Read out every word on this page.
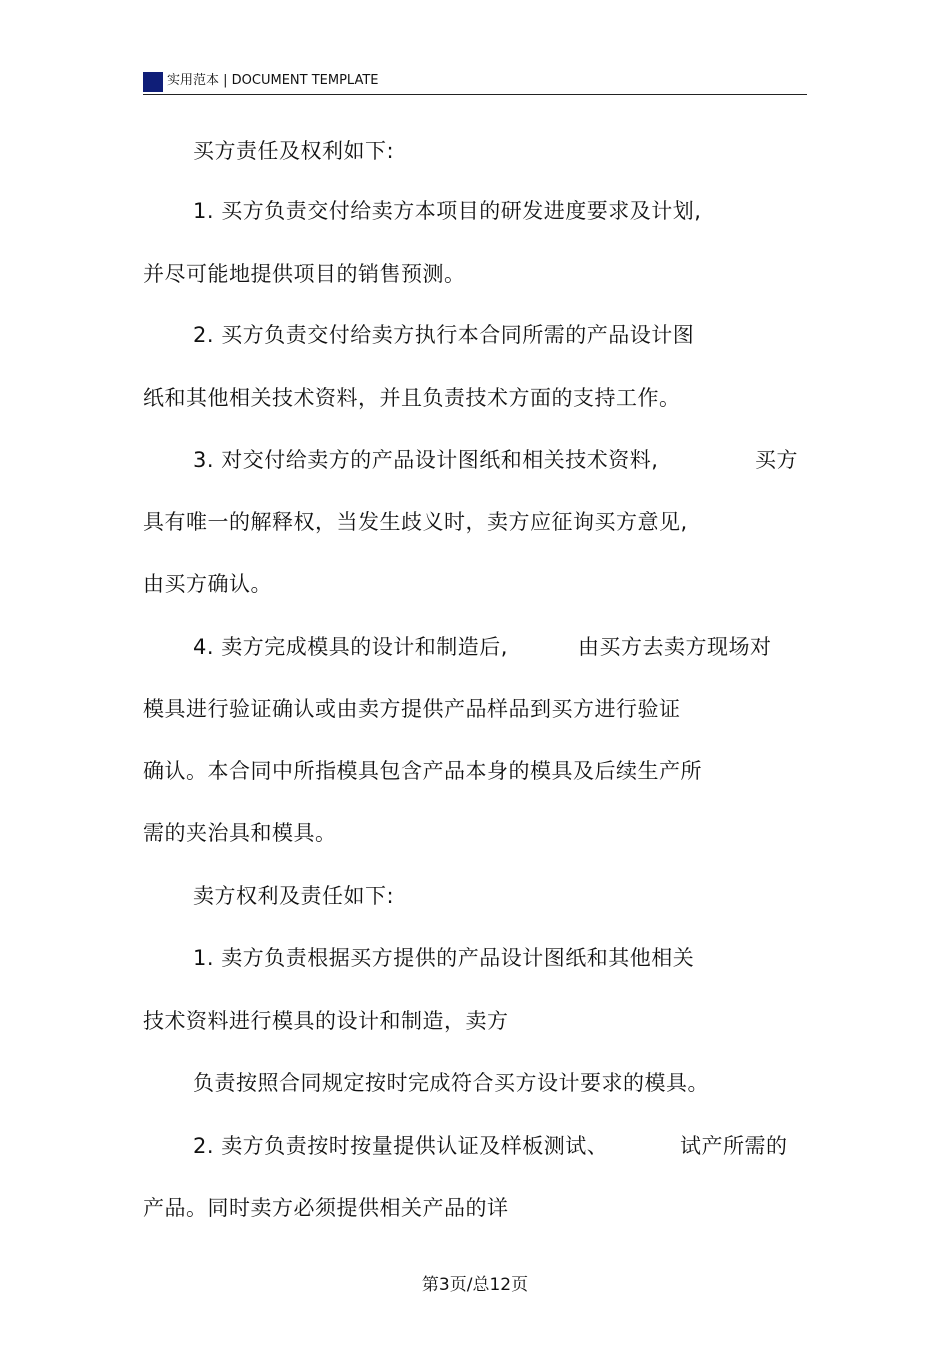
实用范本 | DOCUMENT TEMPLATE
买方责任及权利如下:
1. 买方负责交付给卖方本项目的研发进度要求及计划,
并尽可能地提供项目的销售预测。
2. 买方负责交付给卖方执行本合同所需的产品设计图
纸和其他相关技术资料，并且负责技术方面的支持工作。
3. 对交付给卖方的产品设计图纸和相关技术资料,	买方
具有唯一的解释权，当发生歧义时，卖方应征询买方意见,
由买方确认。
4. 卖方完成模具的设计和制造后,	由买方去卖方现场对
模具进行验证确认或由卖方提供产品样品到买方进行验证
确认。本合同中所指模具包含产品本身的模具及后续生产所
需的夹治具和模具。
卖方权利及责任如下:
1. 卖方负责根据买方提供的产品设计图纸和其他相关
技术资料进行模具的设计和制造，卖方
负责按照合同规定按时完成符合买方设计要求的模具。
2. 卖方负责按时按量提供认证及样板测试、	试产所需的
产品。同时卖方必须提供相关产品的详
第3页/总12页
